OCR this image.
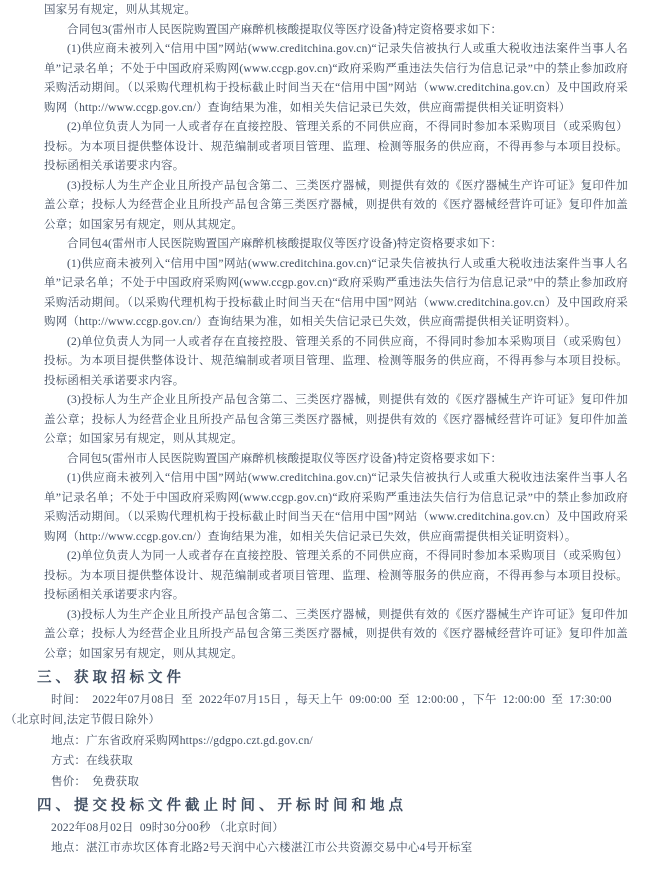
国家另有规定，则从其规定。

合同包3(雷州市人民医院购置国产麻醉机核酸提取仪等医疗设备)特定资格要求如下：

(1)供应商未被列入“信用中国”网站(www.creditchina.gov.cn)“记录失信被执行人或重大税收违法案件当事人名单”记录名单；不处于中国政府采购网(www.ccgp.gov.cn)“政府采购严重违法失信行为信息记录”中的禁止参加政府采购活动期间。（以采购代理机构于投标截止时间当天在“信用中国”网站（www.creditchina.gov.cn）及中国政府采购网（http://www.ccgp.gov.cn/）查询结果为准，如相关失信记录已失效，供应商需提供相关证明资料）

(2)单位负责人为同一人或者存在直接控股、管理关系的不同供应商，不得同时参加本采购项目（或采购包）投标。为本项目提供整体设计、规范编制或者项目管理、监理、检测等服务的供应商，不得再参与本项目投标。投标函相关承诺要求内容。

(3)投标人为生产企业且所投产品包含第二、三类医疗器械，则提供有效的《医疗器械生产许可证》复印件加盖公章；投标人为经营企业且所投产品包含第三类医疗器械，则提供有效的《医疗器械经营许可证》复印件加盖公章；如国家另有规定，则从其规定。

合同包4(雷州市人民医院购置国产麻醉机核酸提取仪等医疗设备)特定资格要求如下：

(1)供应商未被列入“信用中国”网站(www.creditchina.gov.cn)“记录失信被执行人或重大税收违法案件当事人名单”记录名单；不处于中国政府采购网(www.ccgp.gov.cn)“政府采购严重违法失信行为信息记录”中的禁止参加政府采购活动期间。（以采购代理机构于投标截止时间当天在“信用中国”网站（www.creditchina.gov.cn）及中国政府采购网（http://www.ccgp.gov.cn/）查询结果为准，如相关失信记录已失效，供应商需提供相关证明资料）。

(2)单位负责人为同一人或者存在直接控股、管理关系的不同供应商，不得同时参加本采购项目（或采购包）投标。为本项目提供整体设计、规范编制或者项目管理、监理、检测等服务的供应商，不得再参与本项目投标。投标函相关承诺要求内容。

(3)投标人为生产企业且所投产品包含第二、三类医疗器械，则提供有效的《医疗器械生产许可证》复印件加盖公章；投标人为经营企业且所投产品包含第三类医疗器械，则提供有效的《医疗器械经营许可证》复印件加盖公章；如国家另有规定，则从其规定。

合同包5(雷州市人民医院购置国产麻醉机核酸提取仪等医疗设备)特定资格要求如下：

(1)供应商未被列入“信用中国”网站(www.creditchina.gov.cn)“记录失信被执行人或重大税收违法案件当事人名单”记录名单；不处于中国政府采购网(www.ccgp.gov.cn)“政府采购严重违法失信行为信息记录”中的禁止参加政府采购活动期间。（以采购代理机构于投标截止时间当天在“信用中国”网站（www.creditchina.gov.cn）及中国政府采购网（http://www.ccgp.gov.cn/）查询结果为准，如相关失信记录已失效，供应商需提供相关证明资料）。

(2)单位负责人为同一人或者存在直接控股、管理关系的不同供应商，不得同时参加本采购项目（或采购包）投标。为本项目提供整体设计、规范编制或者项目管理、监理、检测等服务的供应商，不得再参与本项目投标。投标函相关承诺要求内容。

(3)投标人为生产企业且所投产品包含第二、三类医疗器械，则提供有效的《医疗器械生产许可证》复印件加盖公章；投标人为经营企业且所投产品包含第三类医疗器械，则提供有效的《医疗器械经营许可证》复印件加盖公章；如国家另有规定，则从其规定。

三、获取招标文件

时间：  2022年07月08日  至  2022年07月15日 ，每天上午  09:00:00  至  12:00:00 ，下午  12:00:00  至  17:30:00

（北京时间,法定节假日除外）

地点：广东省政府采购网https://gdgpo.czt.gd.gov.cn/

方式：在线获取

售价：  免费获取

四、提交投标文件截止时间、开标时间和地点

2022年08月02日  09时30分00秒 （北京时间）

地点：湛江市赤坎区体育北路2号天润中心六楼湛江市公共资源交易中心4号开标室
